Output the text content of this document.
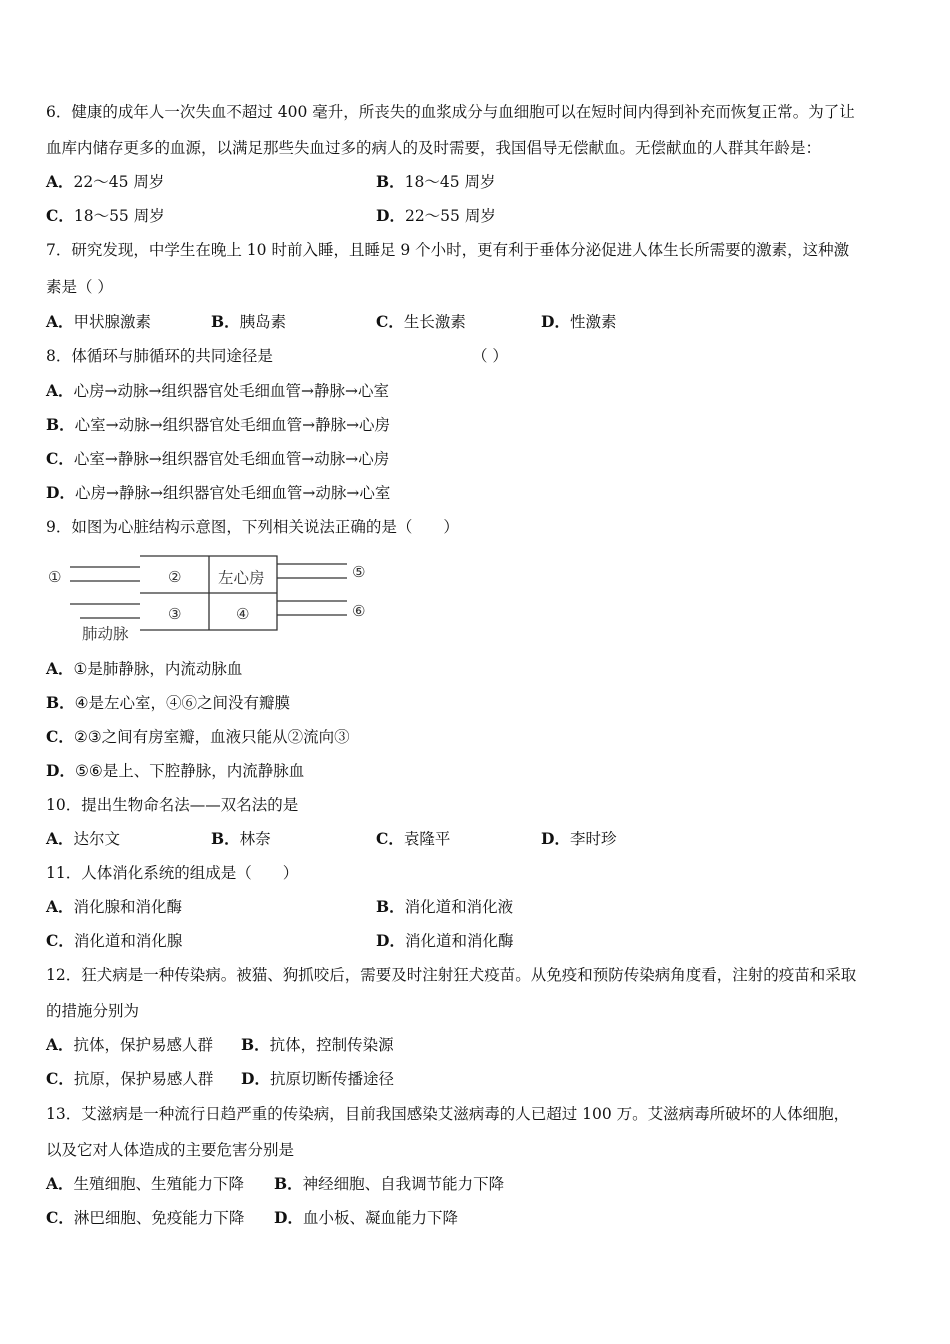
6．健康的成年人一次失血不超过 400 毫升，所丧失的血浆成分与血细胞可以在短时间内得到补充而恢复正常。为了让
血库内储存更多的血源，以满足那些失血过多的病人的及时需要，我国倡导无偿献血。无偿献血的人群其年龄是：
A．22～45 周岁	B．18～45 周岁
C．18～55 周岁	D．22～55 周岁
7．研究发现，中学生在晚上 10 时前入睡，且睡足 9 个小时，更有利于垂体分泌促进人体生长所需要的激素，这种激
素是（ ）
A．甲状腺激素	B．胰岛素	C．生长激素	D．性激素
8．体循环与肺循环的共同途径是	（ ）
A．心房→动脉→组织器官处毛细血管→静脉→心室
B．心室→动脉→组织器官处毛细血管→静脉→心房
C．心室→静脉→组织器官处毛细血管→动脉→心房
D．心房→静脉→组织器官处毛细血管→动脉→心室
9．如图为心脏结构示意图，下列相关说法正确的是（　　）
①	②
③	④
⑤
⑥
左心房
肺动脉
A．①是肺静脉，内流动脉血
B．④是左心室，④⑥之间没有瓣膜
C．②③之间有房室瓣，血液只能从②流向③
D．⑤⑥是上、下腔静脉，内流静脉血
10．提出生物命名法——双名法的是
A．达尔文	B．林奈	C．袁隆平	D．李时珍
11．人体消化系统的组成是（　　）
A．消化腺和消化酶	B．消化道和消化液
C．消化道和消化腺	D．消化道和消化酶
12．狂犬病是一种传染病。被猫、狗抓咬后，需要及时注射狂犬疫苗。从免疫和预防传染病角度看，注射的疫苗和采取
的措施分别为
A．抗体，保护易感人群 B．抗体，控制传染源
C．抗原，保护易感人群 D．抗原切断传播途径
13．艾滋病是一种流行日趋严重的传染病，目前我国感染艾滋病毒的人已超过 100 万。艾滋病毒所破坏的人体细胞，
以及它对人体造成的主要危害分别是
A．生殖细胞、生殖能力下降 B．神经细胞、自我调节能力下降
C．淋巴细胞、免疫能力下降 D．血小板、凝血能力下降
